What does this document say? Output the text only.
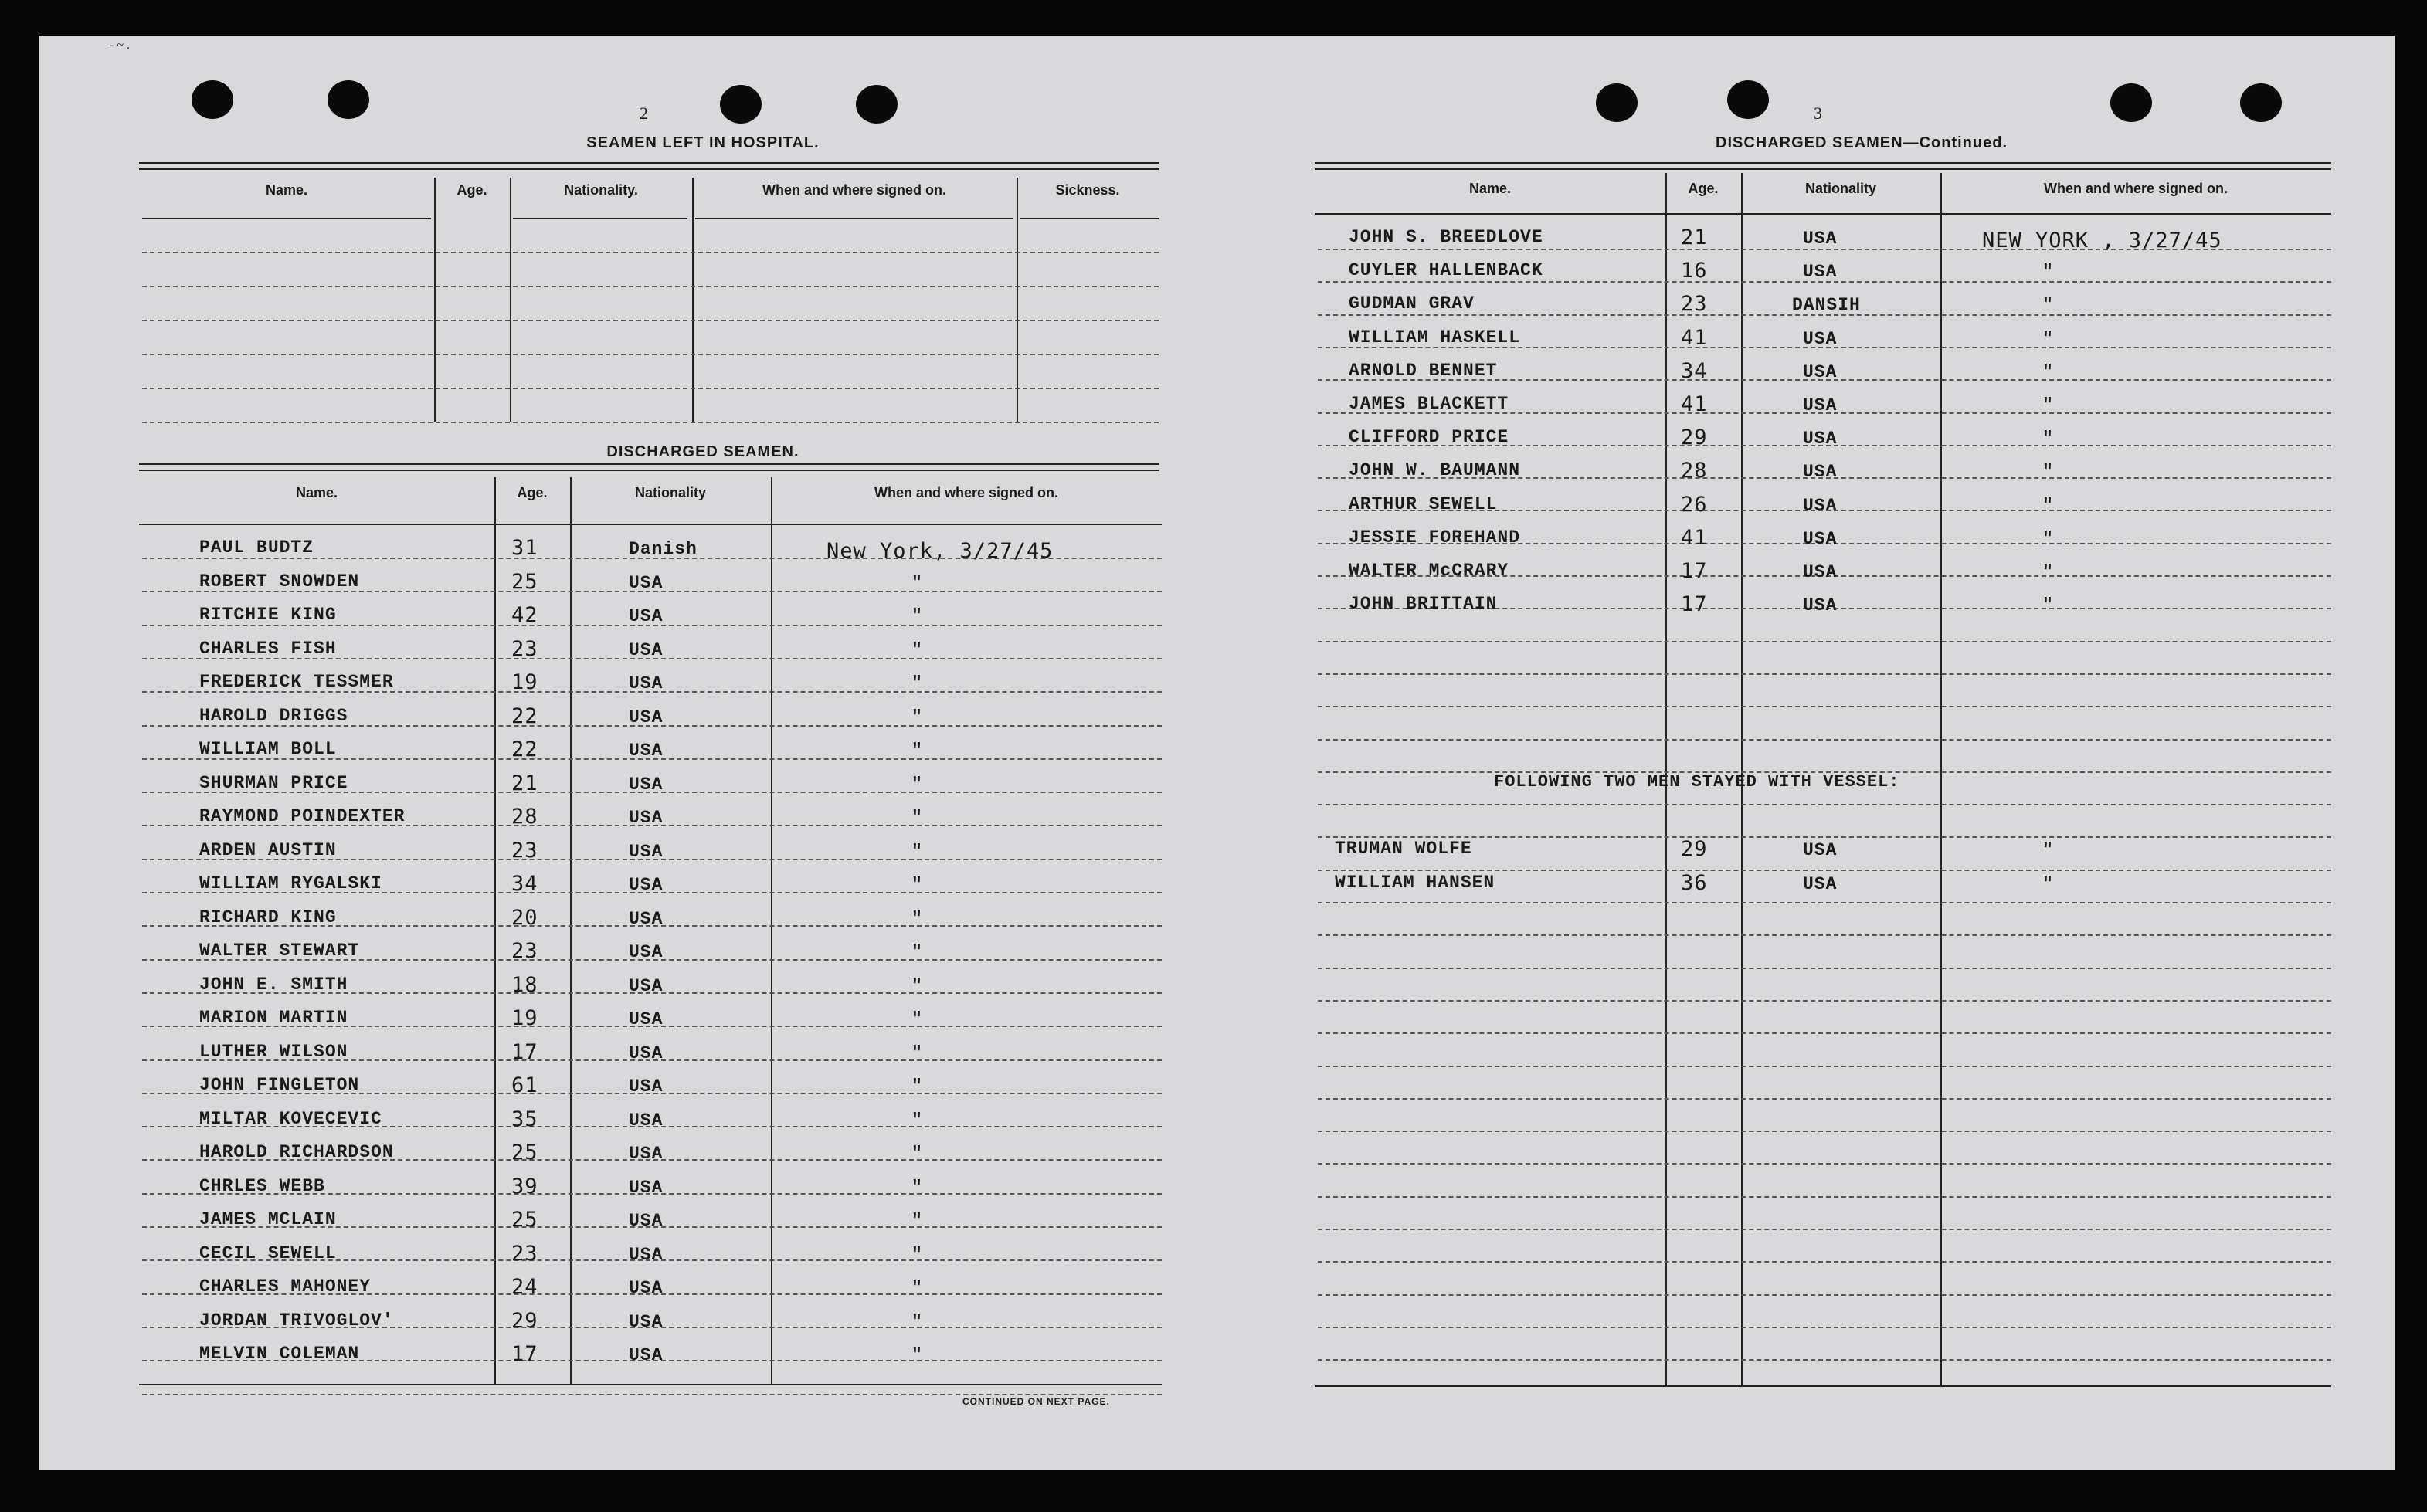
2
SEAMEN LEFT IN HOSPITAL.
DISCHARGED SEAMEN.
CONTINUED ON NEXT PAGE.
3
DISCHARGED SEAMEN—Continued.
FOLLOWING TWO MEN STAYED WITH VESSEL:
- ~ .
Name.	Age.	Nationality.	When and where signed on.	Sickness.
Name.	Age.	Nationality	When and where signed on.
PAUL BUDTZ	31	Danish	New York, 3/27/45
ROBERT SNOWDEN	25	USA	"
RITCHIE KING	42	USA	"
CHARLES FISH	23	USA	"
FREDERICK TESSMER	19	USA	"
HAROLD DRIGGS	22	USA	"
WILLIAM BOLL	22	USA	"
SHURMAN PRICE	21	USA	"
RAYMOND POINDEXTER	28	USA	"
ARDEN AUSTIN	23	USA	"
WILLIAM RYGALSKI	34	USA	"
RICHARD KING	20	USA	"
WALTER STEWART	23	USA	"
JOHN E. SMITH	18	USA	"
MARION MARTIN	19	USA	"
LUTHER WILSON	17	USA	"
JOHN FINGLETON	61	USA	"
MILTAR KOVECEVIC	35	USA	"
HAROLD RICHARDSON	25	USA	"
CHRLES WEBB	39	USA	"
JAMES MCLAIN	25	USA	"
CECIL SEWELL	23	USA	"
CHARLES MAHONEY	24	USA	"
JORDAN TRIVOGLOV'	29	USA	"
MELVIN COLEMAN	17	USA	"
Name.	Age.	Nationality	When and where signed on.
JOHN S. BREEDLOVE	21	USA	NEW YORK , 3/27/45
CUYLER HALLENBACK	16	USA	"
GUDMAN GRAV	23	DANSIH	"
WILLIAM HASKELL	41	USA	"
ARNOLD BENNET	34	USA	"
JAMES BLACKETT	41	USA	"
CLIFFORD PRICE	29	USA	"
JOHN W. BAUMANN	28	USA	"
ARTHUR SEWELL	26	USA	"
JESSIE FOREHAND	41	USA	"
WALTER McCRARY	17	USA	"
JOHN BRITTAIN	17	USA	"
TRUMAN WOLFE	29	USA	"
WILLIAM HANSEN	36	USA	"
